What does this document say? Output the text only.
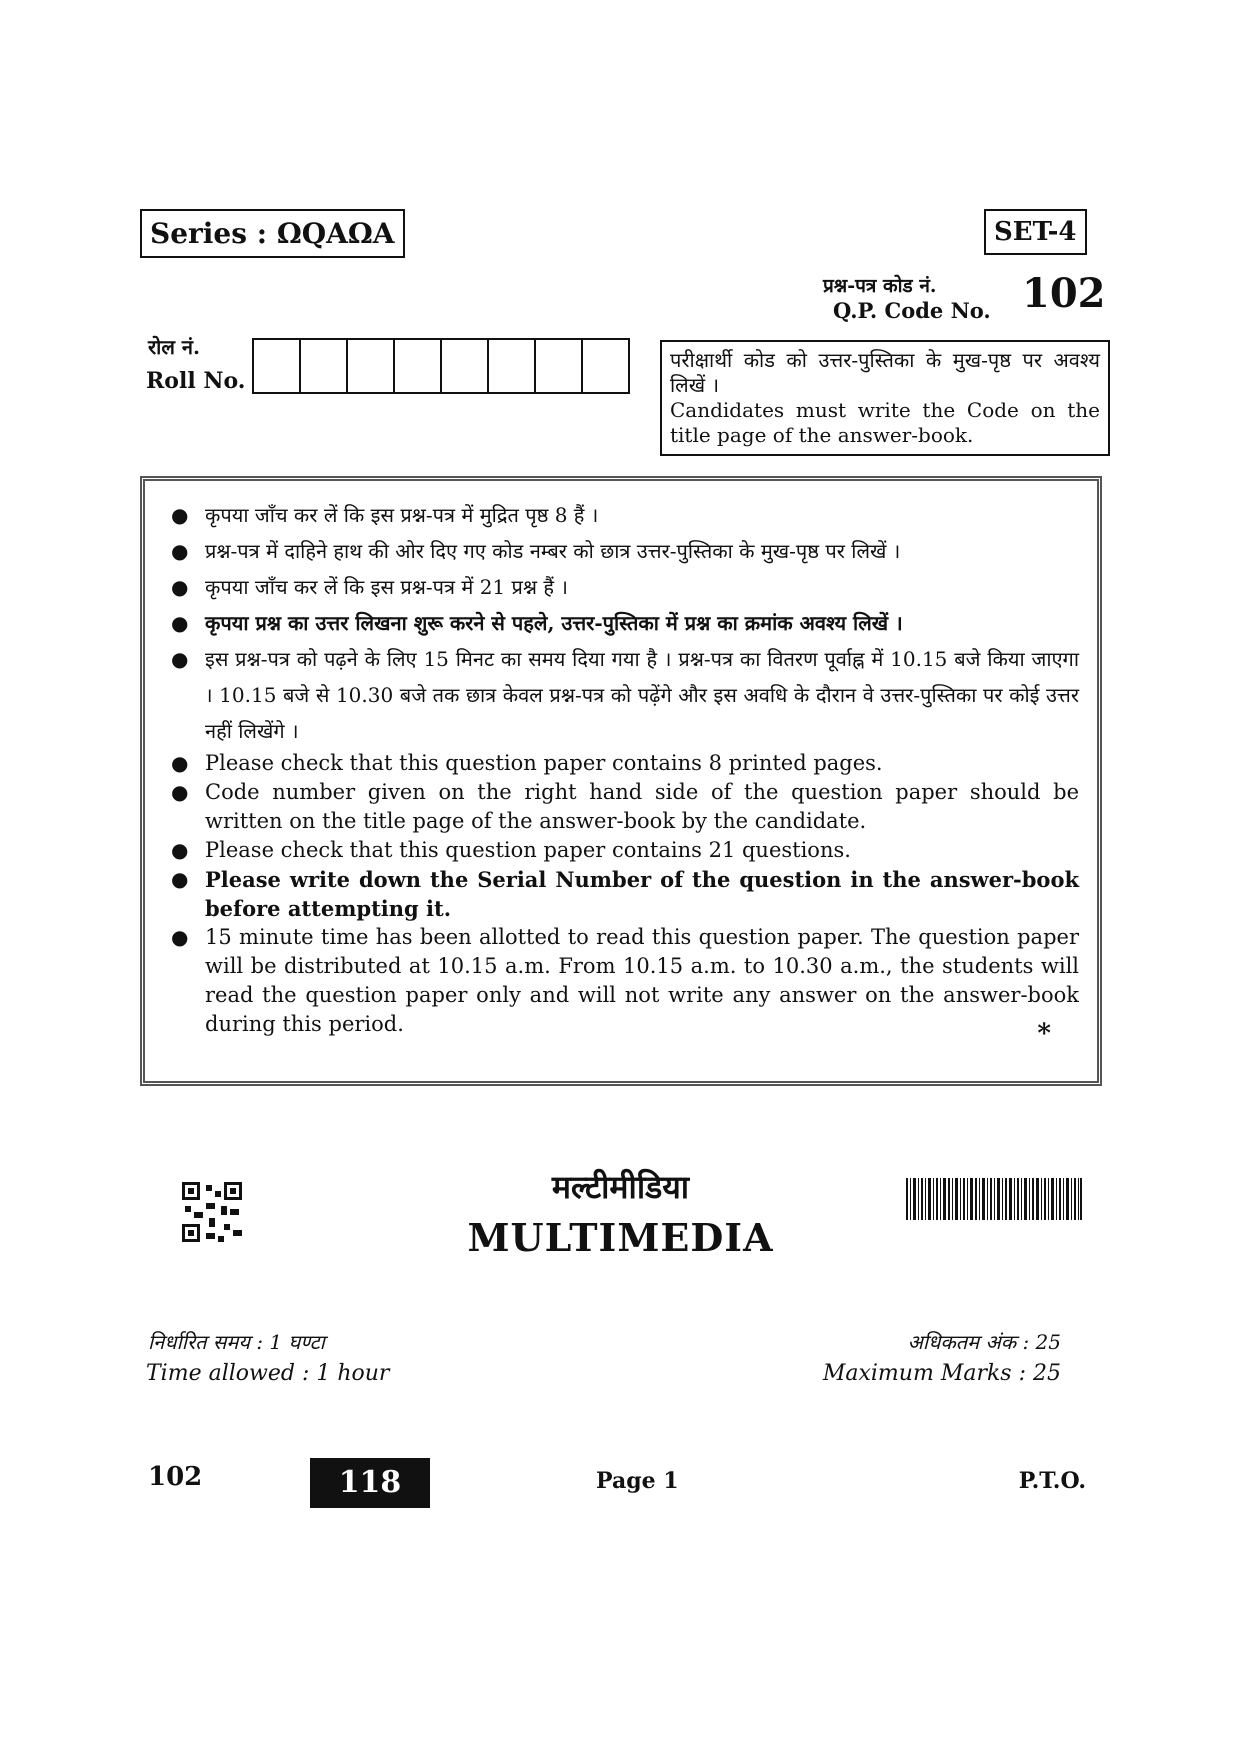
Series : ΩQAΩA	SET-4
प्रश्न-पत्र कोड नं.
Q.P. Code No. 102
रोल नं.
Roll No.

परीक्षार्थी कोड को उत्तर-पुस्तिका के मुख-पृष्ठ पर अवश्य लिखें ।

Candidates must write the Code on the title page of the answer-book.

● कृपया जाँच कर लें कि इस प्रश्न-पत्र में मुद्रित पृष्ठ 8 हैं ।
● प्रश्न-पत्र में दाहिने हाथ की ओर दिए गए कोड नम्बर को छात्र उत्तर-पुस्तिका के मुख-पृष्ठ पर लिखें ।
● कृपया जाँच कर लें कि इस प्रश्न-पत्र में 21 प्रश्न हैं ।
● कृपया प्रश्न का उत्तर लिखना शुरू करने से पहले, उत्तर-पुस्तिका में प्रश्न का क्रमांक अवश्य लिखें ।
● इस प्रश्न-पत्र को पढ़ने के लिए 15 मिनट का समय दिया गया है । प्रश्न-पत्र का वितरण पूर्वाह्न में 10.15 बजे किया जाएगा । 10.15 बजे से 10.30 बजे तक छात्र केवल प्रश्न-पत्र को पढ़ेंगे और इस अवधि के दौरान वे उत्तर-पुस्तिका पर कोई उत्तर नहीं लिखेंगे ।
● Please check that this question paper contains 8 printed pages.
● Code number given on the right hand side of the question paper should be written on the title page of the answer-book by the candidate.
● Please check that this question paper contains 21 questions.
● Please write down the Serial Number of the question in the answer-book before attempting it.
● 15 minute time has been allotted to read this question paper. The question paper will be distributed at 10.15 a.m. From 10.15 a.m. to 10.30 a.m., the students will read the question paper only and will not write any answer on the answer-book during this period.	*
मल्टीमीडिया
MULTIMEDIA
निर्धारित समय : 1 घण्टा
Time allowed : 1 hour
अधिकतम अंक : 25
Maximum Marks : 25
102	118	Page 1	P.T.O.
